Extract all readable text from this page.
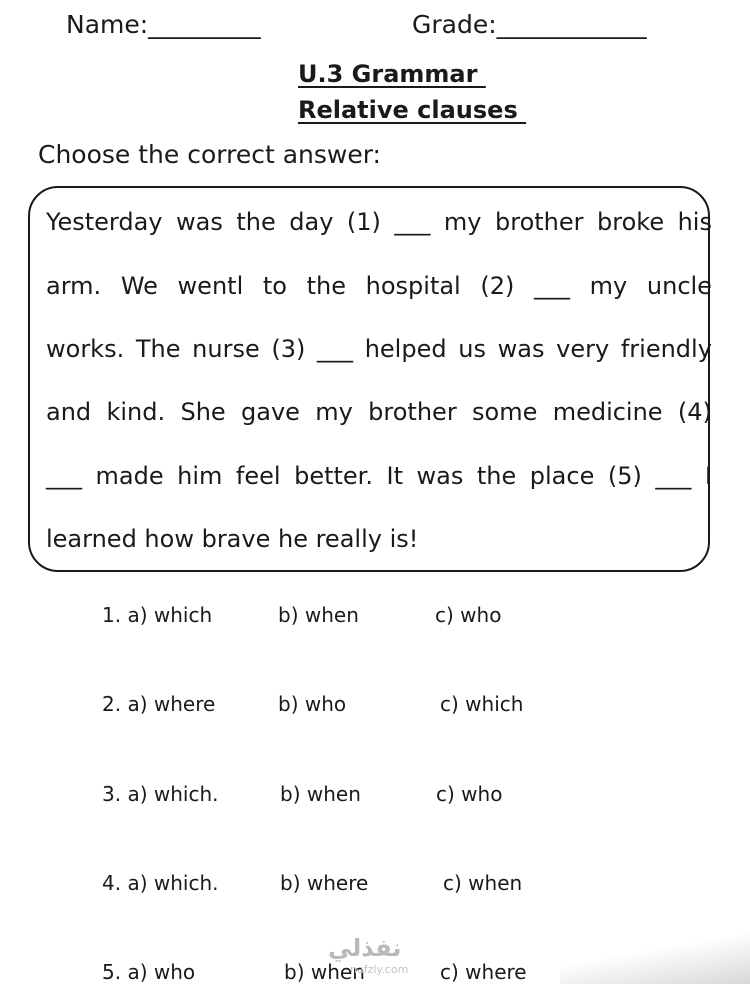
Name:_________	Grade:____________
U.3 Grammar
Relative clauses
Choose the correct answer:
Yesterday was the day (1) ___ my brother broke his
arm. We wentl to the hospital (2) ___ my uncle
works. The nurse (3) ___ helped us was very friendly
and kind. She gave my brother some medicine (4)
___ made him feel better. It was the place (5) ___ I
learned how brave he really is!
1. a) which	b) when	c) who
2. a) where	b) who	c) which
3. a) which.	b) when	c) who
4. a) which.	b) where	c) when
5. a) who	b) when	c) where
نفذلي
nafzly.com
